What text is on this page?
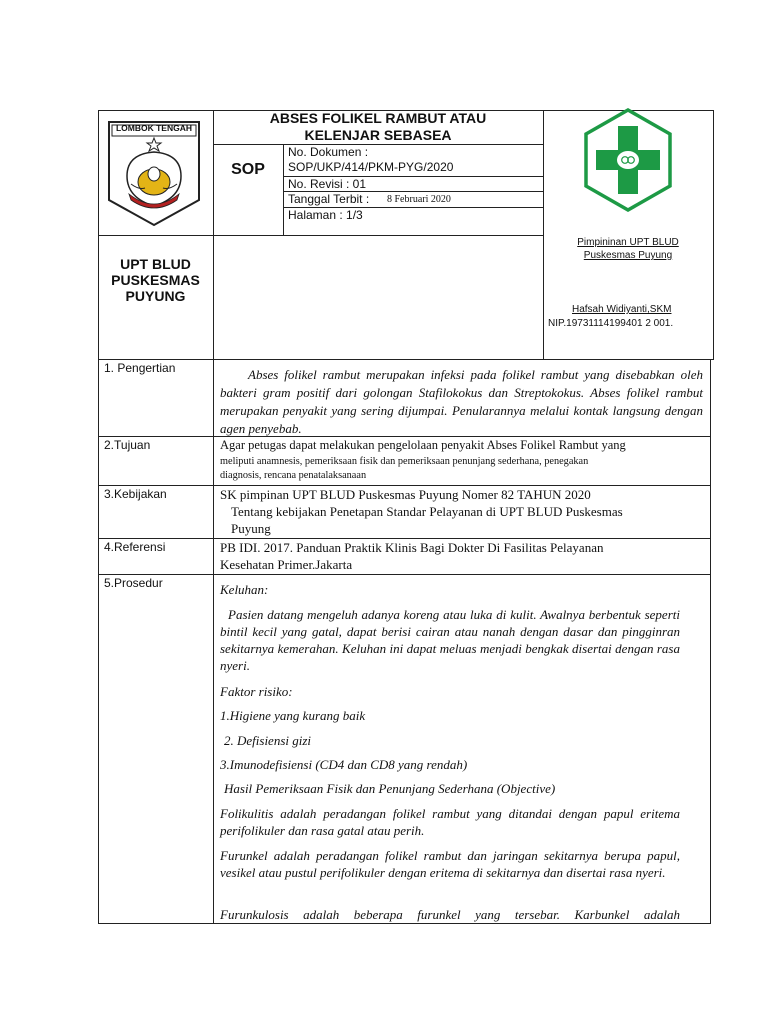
LOMBOK TENGAH
ABSES FOLIKEL RAMBUT ATAU
KELENJAR SEBASEA
SOP
No. Dokumen :
SOP/UKP/414/PKM-PYG/2020
No. Revisi : 01
Tanggal Terbit : 8 Februari 2020
Halaman : 1/3
UPT BLUD
PUSKESMAS
PUYUNG
Pimpininan UPT BLUD
Puskesmas Puyung
Hafsah Widiyanti,SKM
NIP.19731114199401 2 001.
1. Pengertian
2.Tujuan
3.Kebijakan
4.Referensi
5.Prosedur
Abses folikel rambut merupakan infeksi pada folikel rambut yang disebabkan oleh bakteri gram positif dari golongan Stafilokokus dan Streptokokus. Abses folikel rambut merupakan penyakit yang sering dijumpai. Penularannya melalui kontak langsung dengan agen penyebab.
Agar petugas dapat melakukan pengelolaan penyakit Abses Folikel Rambut yang
meliputi anamnesis, pemeriksaan fisik dan pemeriksaan penunjang sederhana, penegakan
diagnosis, rencana penatalaksanaan
SK pimpinan UPT BLUD Puskesmas Puyung Nomer 82 TAHUN 2020
Tentang kebijakan Penetapan Standar Pelayanan di UPT BLUD Puskesmas
Puyung
PB IDI. 2017. Panduan Praktik Klinis Bagi Dokter Di Fasilitas Pelayanan
Kesehatan Primer.Jakarta
Keluhan:
Pasien datang mengeluh adanya koreng atau luka di kulit. Awalnya berbentuk seperti bintil kecil yang gatal, dapat berisi cairan atau nanah dengan dasar dan pingginran sekitarnya kemerahan. Keluhan ini dapat meluas menjadi bengkak disertai dengan rasa nyeri.
Faktor risiko:
1.Higiene yang kurang baik
2. Defisiensi gizi
3.Imunodefisiensi (CD4 dan CD8 yang rendah)
Hasil Pemeriksaan Fisik dan Penunjang Sederhana (Objective)
Folikulitis adalah peradangan folikel rambut yang ditandai dengan papul eritema perifolikuler dan rasa gatal atau perih.
Furunkel adalah peradangan folikel rambut dan jaringan sekitarnya berupa papul, vesikel atau pustul perifolikuler dengan eritema di sekitarnya dan disertai rasa nyeri.
Furunkulosis adalah beberapa furunkel yang tersebar. Karbunkel adalah
